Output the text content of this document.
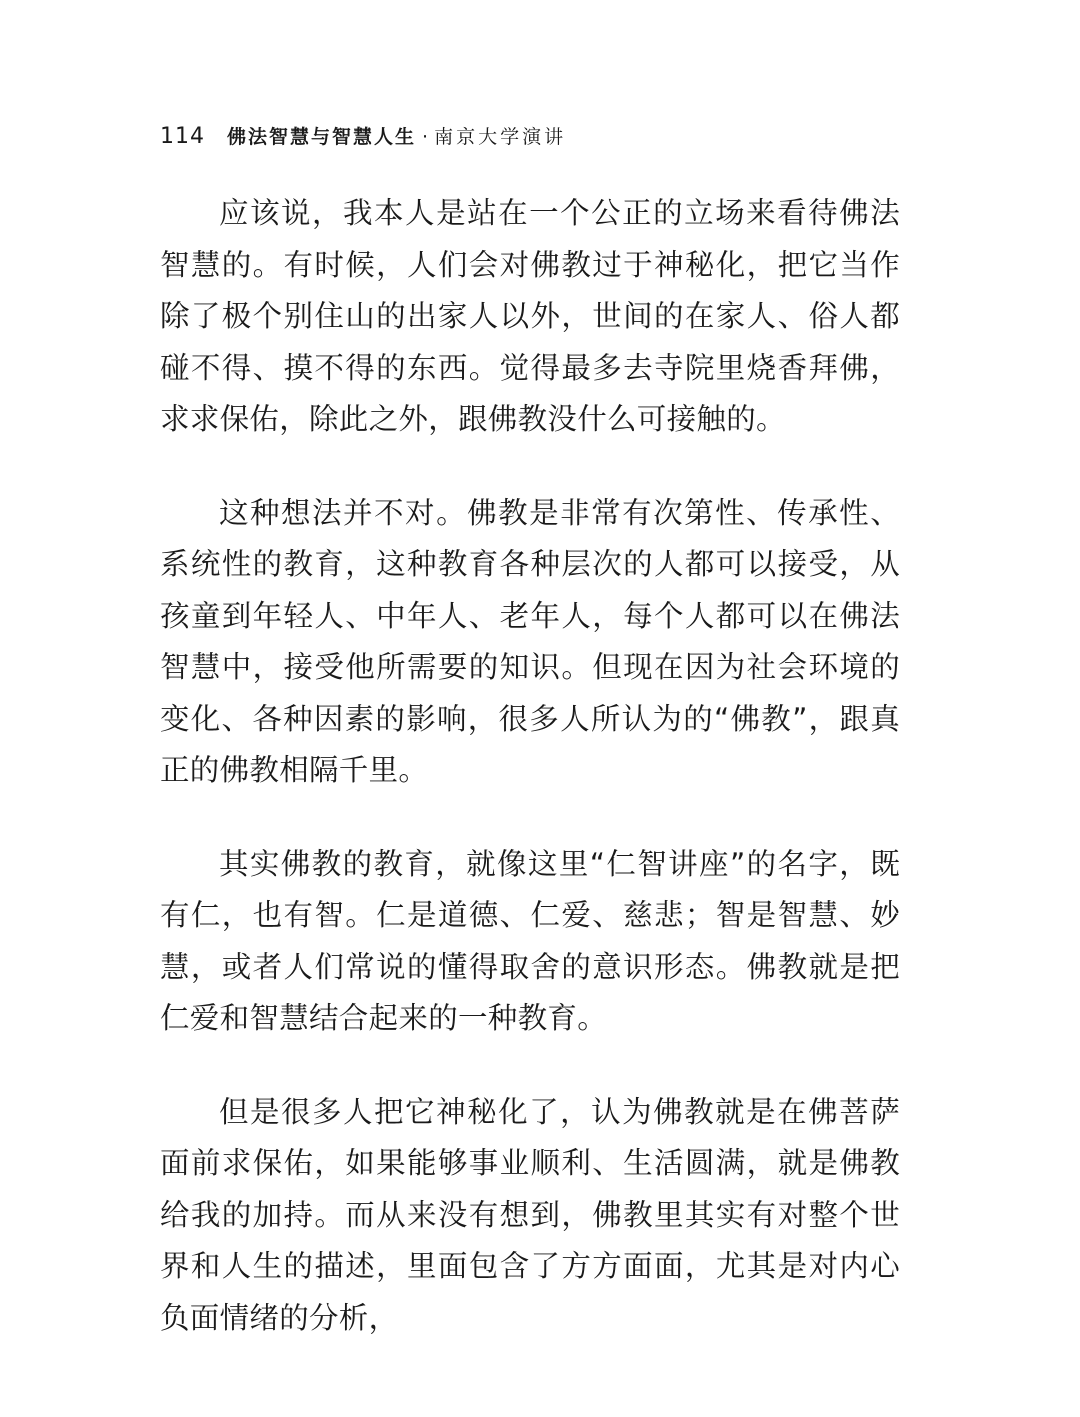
114 佛法智慧与智慧人生 · 南京大学演讲

应该说，我本人是站在一个公正的立场来看待佛法智慧的。有时候，人们会对佛教过于神秘化，把它当作除了极个别住山的出家人以外，世间的在家人、俗人都碰不得、摸不得的东西。觉得最多去寺院里烧香拜佛，求求保佑，除此之外，跟佛教没什么可接触的。

这种想法并不对。佛教是非常有次第性、传承性、系统性的教育，这种教育各种层次的人都可以接受，从孩童到年轻人、中年人、老年人，每个人都可以在佛法智慧中，接受他所需要的知识。但现在因为社会环境的变化、各种因素的影响，很多人所认为的“佛教”，跟真正的佛教相隔千里。

其实佛教的教育，就像这里“仁智讲座”的名字，既有仁，也有智。仁是道德、仁爱、慈悲；智是智慧、妙慧，或者人们常说的懂得取舍的意识形态。佛教就是把仁爱和智慧结合起来的一种教育。

但是很多人把它神秘化了，认为佛教就是在佛菩萨面前求保佑，如果能够事业顺利、生活圆满，就是佛教给我的加持。而从来没有想到，佛教里其实有对整个世界和人生的描述，里面包含了方方面面，尤其是对内心负面情绪的分析，
